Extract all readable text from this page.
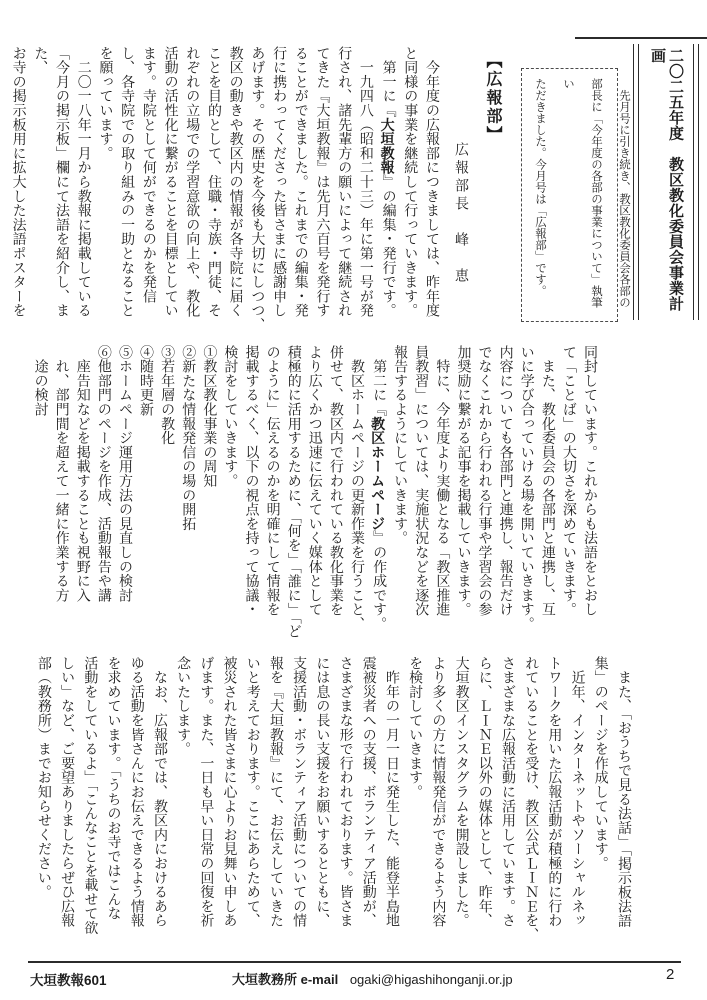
二〇二五年度　教区教化委員会事業計画
　先月号に引き続き、教区教化委員会各部の
部長に「今年度の各部の事業について」執筆い
ただきました。今月号は「広報部」です。
【広報部】
広報部長　峰　恵
　今年度の広報部につきましては、昨年度
と同様の事業を継続して行っていきます。
　第一に『大垣教報』の編集・発行です。
　一九四八（昭和二十三）年に第一号が発
行され、諸先輩方の願いによって継続され
てきた『大垣教報』は先月六百号を発行す
ることができました。これまでの編集・発
行に携わってくださった皆さまに感謝申し
あげます。その歴史を今後も大切にしつつ、
教区の動きや教区内の情報が各寺院に届く
ことを目的として、住職・寺族・門徒、そ
れぞれの立場での学習意欲の向上や、教化
活動の活性化に繋がることを目標としてい
ます。寺院として何ができるのかを発信
し、各寺院での取り組みの一助となること
を願っています。
　二〇一八年一月から教報に掲載している
「今月の掲示板」欄にて法語を紹介し、また、
お寺の掲示板用に拡大した法語ポスターを
同封しています。これからも法語をとおし
て「ことば」の大切さを深めていきます。
　また、教化委員会の各部門と連携し、互
いに学び合っていける場を開いていきます。
内容についても各部門と連携し、報告だけ
でなくこれから行われる行事や学習会の参
加奨励に繋がる記事を掲載していきます。
　特に、今年度より実働となる「教区推進
員教習」については、実施状況などを逐次
報告するようにしていきます。
　第二に『教区ホームページ』の作成です。
　教区ホームページの更新作業を行うこと、
併せて、教区内で行われている教化事業を
より広くかつ迅速に伝えていく媒体として
積極的に活用するために、「何を」「誰に」「ど
のように」伝えるのかを明確にして情報を
掲載するべく、以下の視点を持って協議・
検討をしていきます。
①教区教化事業の周知
②新たな情報発信の場の開拓
③若年層の教化
④随時更新
⑤ホームページ運用方法の見直しの検討
⑥他部門のページを作成、活動報告や講
　座告知などを掲載することも視野に入
　れ、部門間を超えて一緒に作業する方
　途の検討
　また、「おうちで見る法話」「掲示板法語
集」のページを作成しています。
　近年、インターネットやソーシャルネッ
トワークを用いた広報活動が積極的に行わ
れていることを受け、教区公式ＬＩＮＥを、
さまざまな広報活動に活用しています。さ
らに、ＬＩＮＥ以外の媒体として、昨年、
大垣教区インスタグラムを開設しました。
より多くの方に情報発信ができるよう内容
を検討していきます。
　昨年の一月一日に発生した、能登半島地
震被災者への支援、ボランティア活動が、
さまざまな形で行われております。皆さま
には息の長い支援をお願いするとともに、
支援活動・ボランティア活動についての情
報を『大垣教報』にて、お伝えしていきた
いと考えております。ここにあらためて、
被災された皆さまに心よりお見舞い申しあ
げます。また、一日も早い日常の回復を祈
念いたします。
　なお、広報部では、教区内におけるあら
ゆる活動を皆さんにお伝えできるよう情報
を求めています。「うちのお寺ではこんな
活動をしているよ」「こんなことを載せて欲
しい」など、ご要望ありましたらぜひ広報
部（教務所）までお知らせください。
大垣教報601	大垣教務所 e-mail ogaki@higashihonganji.or.jp	2
